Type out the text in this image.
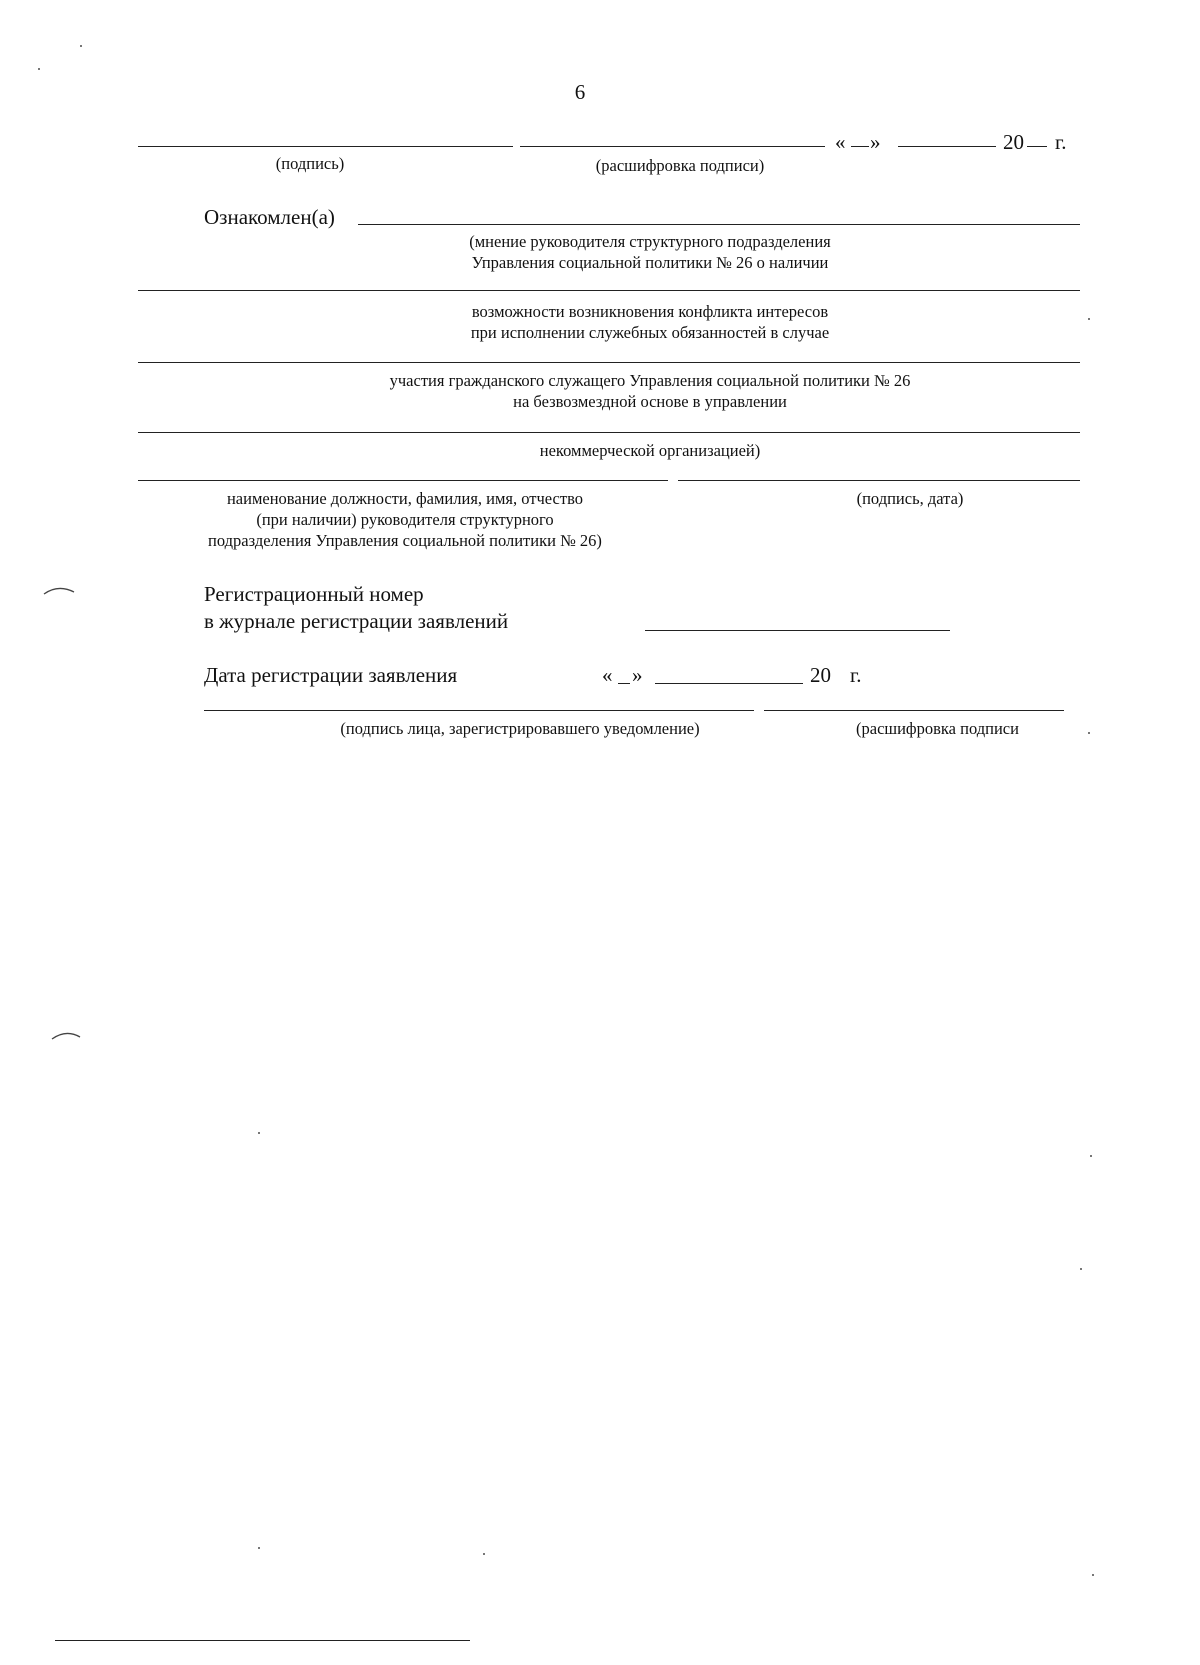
6
« »	20 г.
(подпись)	(расшифровка подписи)
Ознакомлен(а)
(мнение руководителя структурного подразделения
Управления социальной политики № 26 о наличии
возможности возникновения конфликта интересов
при исполнении служебных обязанностей в случае
участия гражданского служащего Управления социальной политики № 26
на безвозмездной основе в управлении
некоммерческой организацией)
наименование должности, фамилия, имя, отчество
(при наличии) руководителя структурного
подразделения Управления социальной политики № 26)
(подпись, дата)
Регистрационный номер
в журнале регистрации заявлений
Дата регистрации заявления	« »	20 г.
(подпись лица, зарегистрировавшего уведомление)	(расшифровка подписи
